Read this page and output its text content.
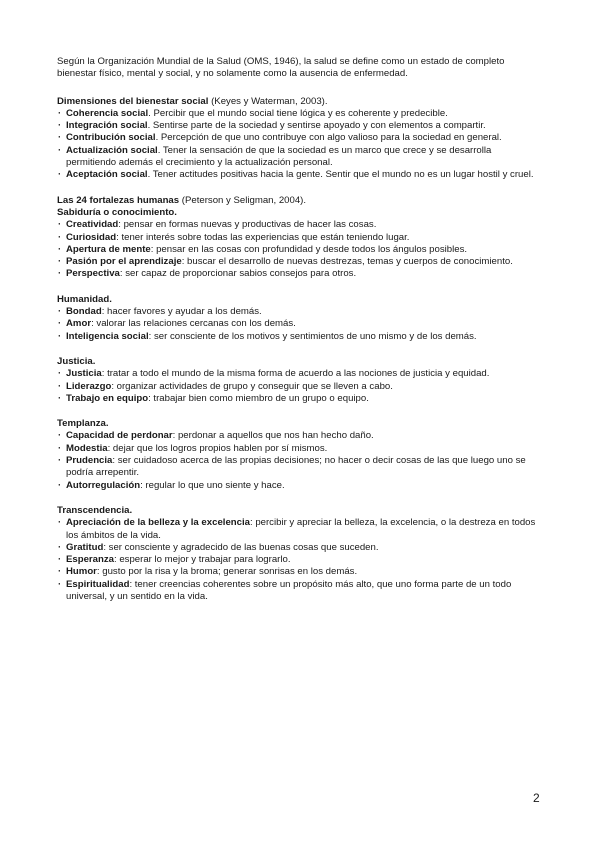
Según la Organización Mundial de la Salud (OMS, 1946), la salud se define como un estado de completo bienestar físico, mental y social, y no solamente como la ausencia de enfermedad.

Dimensiones del bienestar social (Keyes y Waterman, 2003).
· Coherencia social. Percibir que el mundo social tiene lógica y es coherente y predecible.
· Integración social. Sentirse parte de la sociedad y sentirse apoyado y con elementos a compartir.
· Contribución social. Percepción de que uno contribuye con algo valioso para la sociedad en general.
· Actualización social. Tener la sensación de que la sociedad es un marco que crece y se desarrolla permitiendo además el crecimiento y la actualización personal.
· Aceptación social. Tener actitudes positivas hacia la gente. Sentir que el mundo no es un lugar hostil y cruel.
Las 24 fortalezas humanas (Peterson y Seligman, 2004).
Sabiduría o conocimiento.
· Creatividad: pensar en formas nuevas y productivas de hacer las cosas.
· Curiosidad: tener interés sobre todas las experiencias que están teniendo lugar.
· Apertura de mente: pensar en las cosas con profundidad y desde todos los ángulos posibles.
· Pasión por el aprendizaje: buscar el desarrollo de nuevas destrezas, temas y cuerpos de conocimiento.
· Perspectiva: ser capaz de proporcionar sabios consejos para otros.
Humanidad.
· Bondad: hacer favores y ayudar a los demás.
· Amor: valorar las relaciones cercanas con los demás.
· Inteligencia social: ser consciente de los motivos y sentimientos de uno mismo y de los demás.
Justicia.
· Justicia: tratar a todo el mundo de la misma forma de acuerdo a las nociones de justicia y equidad.
· Liderazgo: organizar actividades de grupo y conseguir que se lleven a cabo.
· Trabajo en equipo: trabajar bien como miembro de un grupo o equipo.
Templanza.
· Capacidad de perdonar: perdonar a aquellos que nos han hecho daño.
· Modestia: dejar que los logros propios hablen por sí mismos.
· Prudencia: ser cuidadoso acerca de las propias decisiones; no hacer o decir cosas de las que luego uno se podría arrepentir.
· Autorregulación: regular lo que uno siente y hace.
Transcendencia.
· Apreciación de la belleza y la excelencia: percibir y apreciar la belleza, la excelencia, o la destreza en todos los ámbitos de la vida.
· Gratitud: ser consciente y agradecido de las buenas cosas que suceden.
· Esperanza: esperar lo mejor y trabajar para lograrlo.
· Humor: gusto por la risa y la broma; generar sonrisas en los demás.
· Espiritualidad: tener creencias coherentes sobre un propósito más alto, que uno forma parte de un todo universal, y un sentido en la vida.
2
